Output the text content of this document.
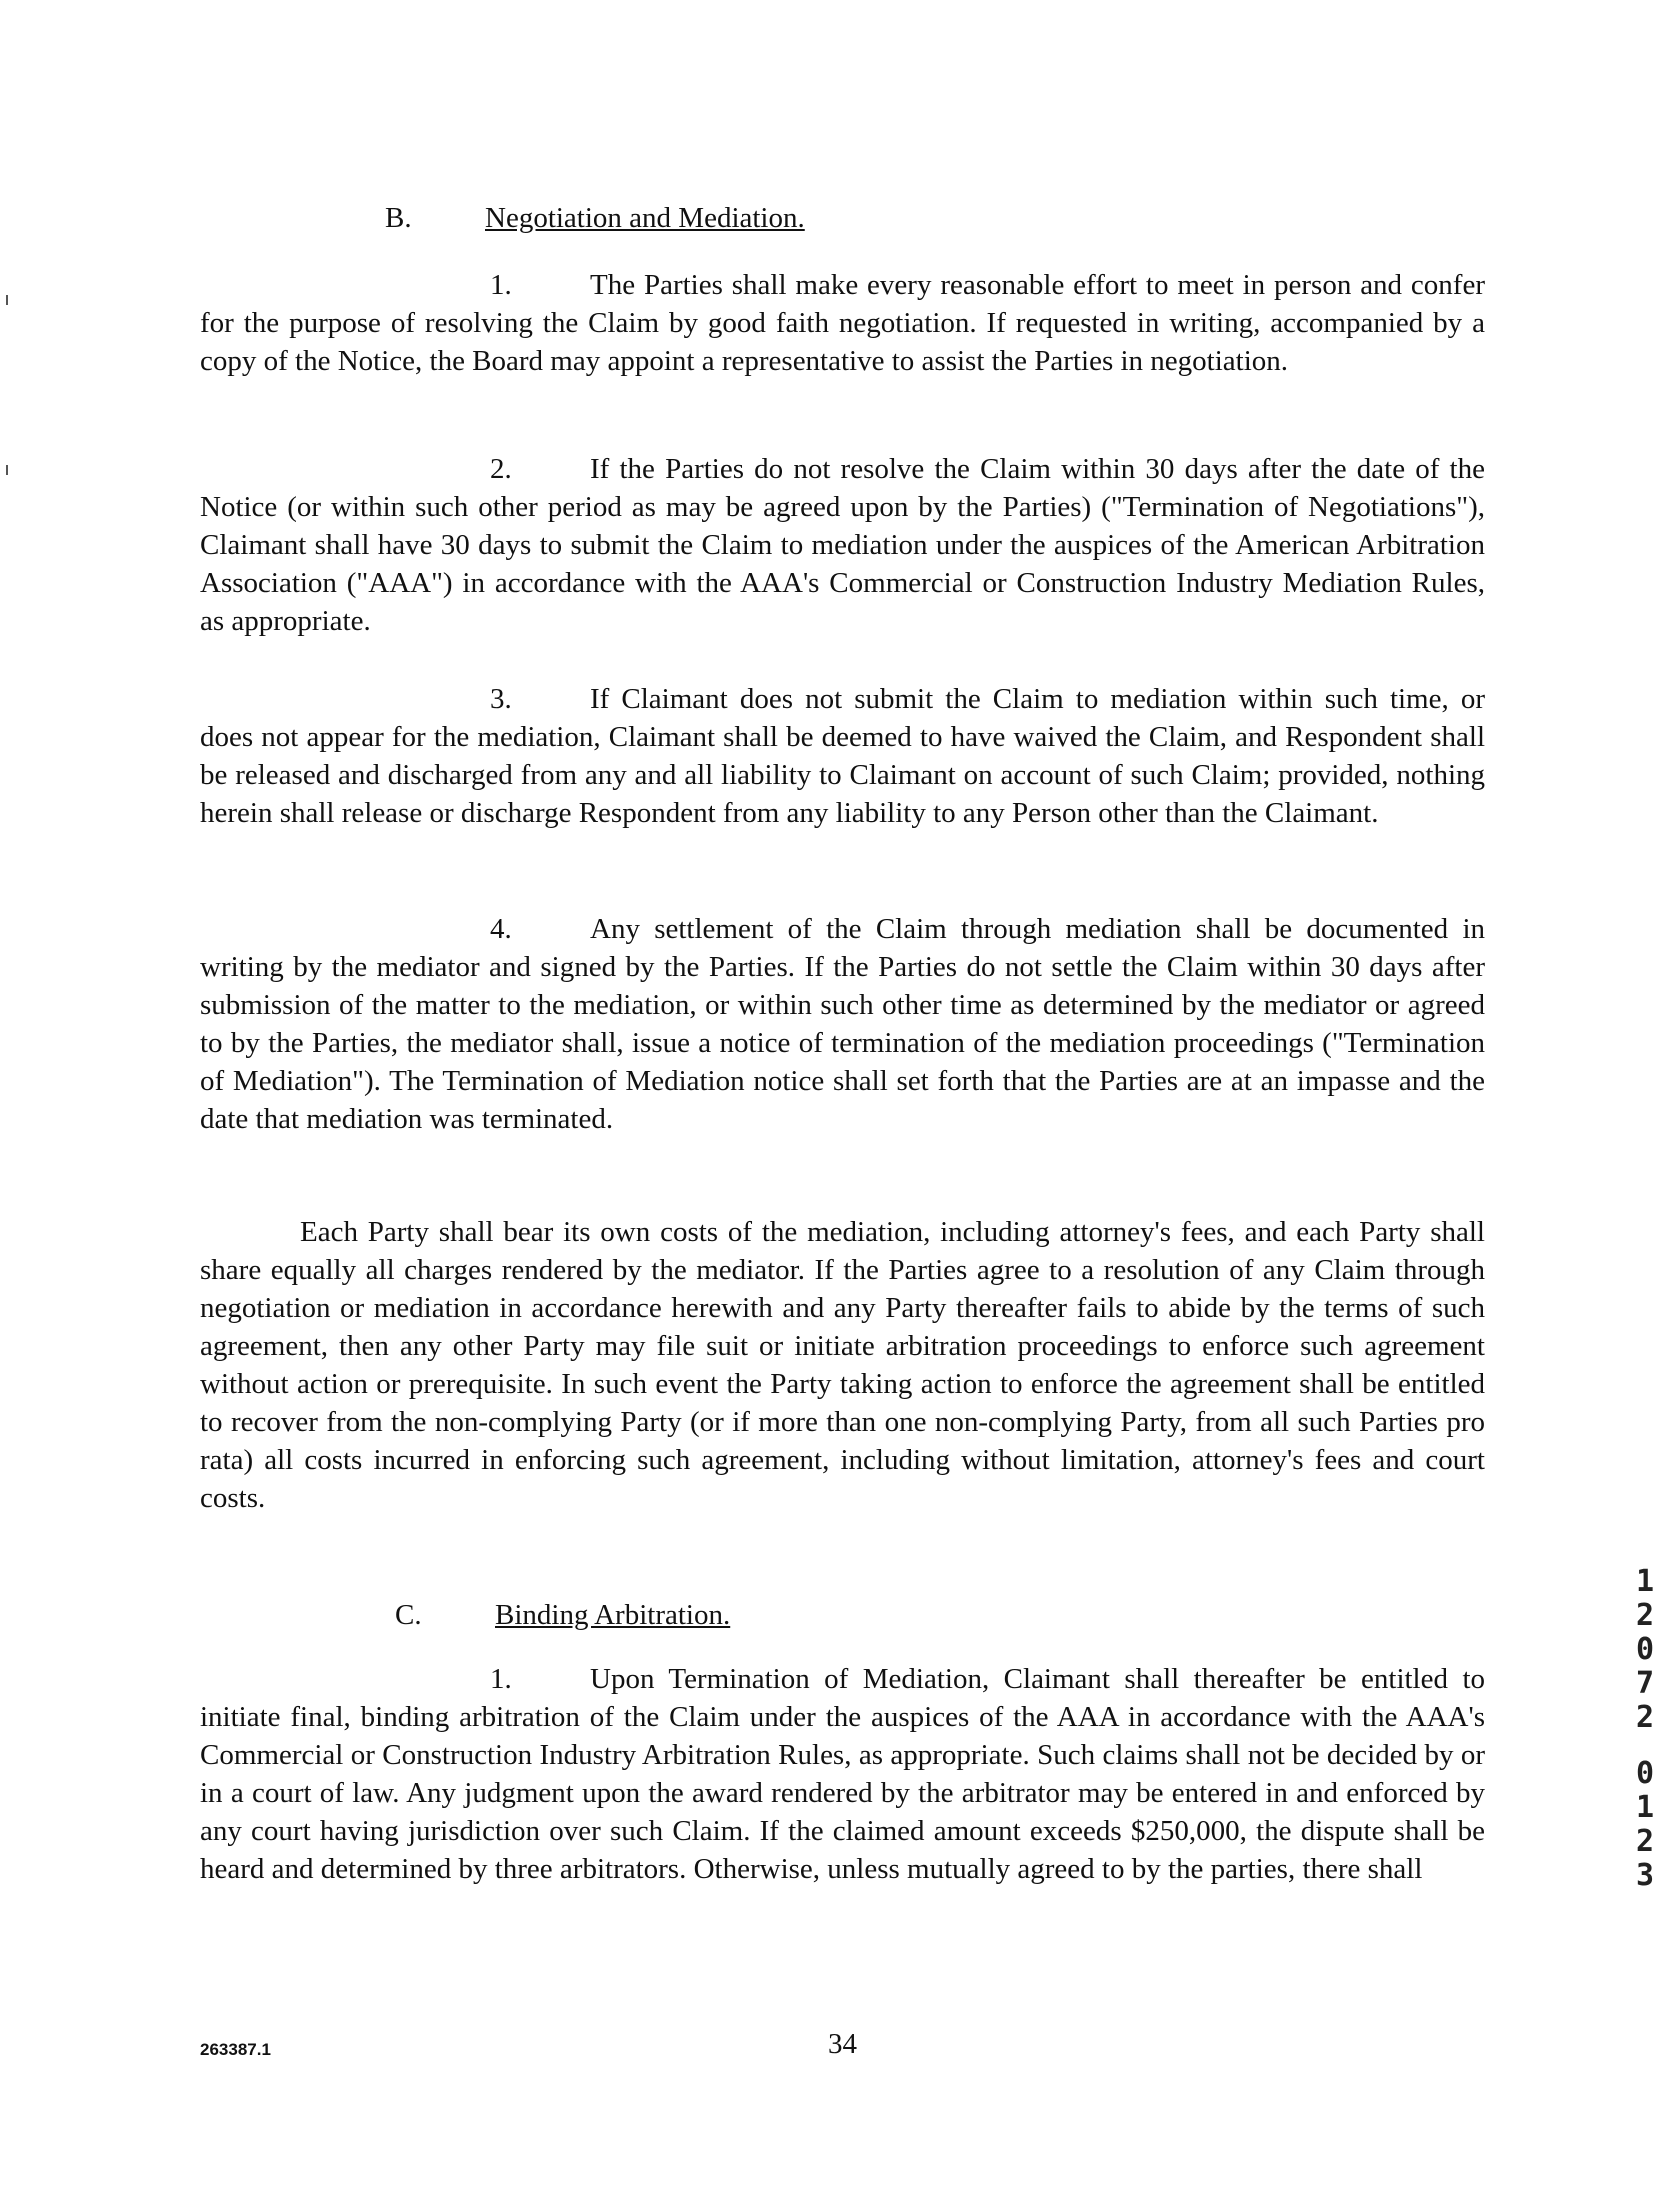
B.	Negotiation and Mediation.
1.	The Parties shall make every reasonable effort to meet in person and confer for the purpose of resolving the Claim by good faith negotiation. If requested in writing, accompanied by a copy of the Notice, the Board may appoint a representative to assist the Parties in negotiation.
2.	If the Parties do not resolve the Claim within 30 days after the date of the Notice (or within such other period as may be agreed upon by the Parties) ("Termination of Negotiations"), Claimant shall have 30 days to submit the Claim to mediation under the auspices of the American Arbitration Association ("AAA") in accordance with the AAA's Commercial or Construction Industry Mediation Rules, as appropriate.
3.	If Claimant does not submit the Claim to mediation within such time, or does not appear for the mediation, Claimant shall be deemed to have waived the Claim, and Respondent shall be released and discharged from any and all liability to Claimant on account of such Claim; provided, nothing herein shall release or discharge Respondent from any liability to any Person other than the Claimant.
4.	Any settlement of the Claim through mediation shall be documented in writing by the mediator and signed by the Parties. If the Parties do not settle the Claim within 30 days after submission of the matter to the mediation, or within such other time as determined by the mediator or agreed to by the Parties, the mediator shall, issue a notice of termination of the mediation proceedings ("Termination of Mediation"). The Termination of Mediation notice shall set forth that the Parties are at an impasse and the date that mediation was terminated.
Each Party shall bear its own costs of the mediation, including attorney's fees, and each Party shall share equally all charges rendered by the mediator. If the Parties agree to a resolution of any Claim through negotiation or mediation in accordance herewith and any Party thereafter fails to abide by the terms of such agreement, then any other Party may file suit or initiate arbitration proceedings to enforce such agreement without action or prerequisite. In such event the Party taking action to enforce the agreement shall be entitled to recover from the non-complying Party (or if more than one non-complying Party, from all such Parties pro rata) all costs incurred in enforcing such agreement, including without limitation, attorney's fees and court costs.
C.	Binding Arbitration.
1.	Upon Termination of Mediation, Claimant shall thereafter be entitled to initiate final, binding arbitration of the Claim under the auspices of the AAA in accordance with the AAA's Commercial or Construction Industry Arbitration Rules, as appropriate. Such claims shall not be decided by or in a court of law. Any judgment upon the award rendered by the arbitrator may be entered in and enforced by any court having jurisdiction over such Claim. If the claimed amount exceeds $250,000, the dispute shall be heard and determined by three arbitrators. Otherwise, unless mutually agreed to by the parties, there shall
263387.1	34
1
2
0
7
2
0
1
2
3
